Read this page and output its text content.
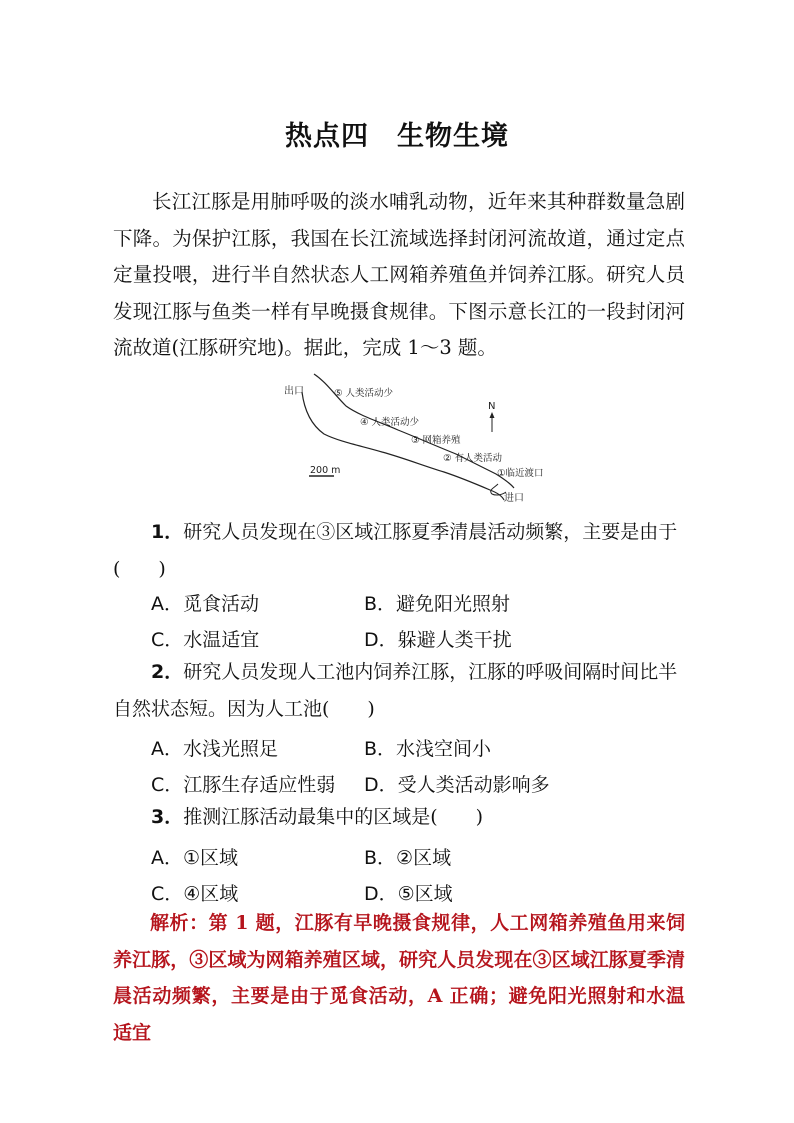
热点四　生物生境
长江江豚是用肺呼吸的淡水哺乳动物，近年来其种群数量急剧下降。为保护江豚，我国在长江流域选择封闭河流故道，通过定点定量投喂，进行半自然状态人工网箱养殖鱼并饲养江豚。研究人员发现江豚与鱼类一样有早晚摄食规律。下图示意长江的一段封闭河流故道(江豚研究地)。据此，完成 1～3 题。
出口
进口
⑤ 人类活动少
④ 人类活动少
③ 网箱养殖
② 有人类活动
①临近渡口
N
200 m
1．研究人员发现在③区域江豚夏季清晨活动频繁，主要是由于(　　)
A．觅食活动	B．避免阳光照射
C．水温适宜	D．躲避人类干扰
2．研究人员发现人工池内饲养江豚，江豚的呼吸间隔时间比半自然状态短。因为人工池(　　)
A．水浅光照足	B．水浅空间小
C．江豚生存适应性弱 D．受人类活动影响多
3．推测江豚活动最集中的区域是(　　)
A．①区域	B．②区域
C．④区域	D．⑤区域
解析：第 1 题，江豚有早晚摄食规律，人工网箱养殖鱼用来饲养江豚，③区域为网箱养殖区域，研究人员发现在③区域江豚夏季清晨活动频繁，主要是由于觅食活动，A 正确；避免阳光照射和水温适宜
